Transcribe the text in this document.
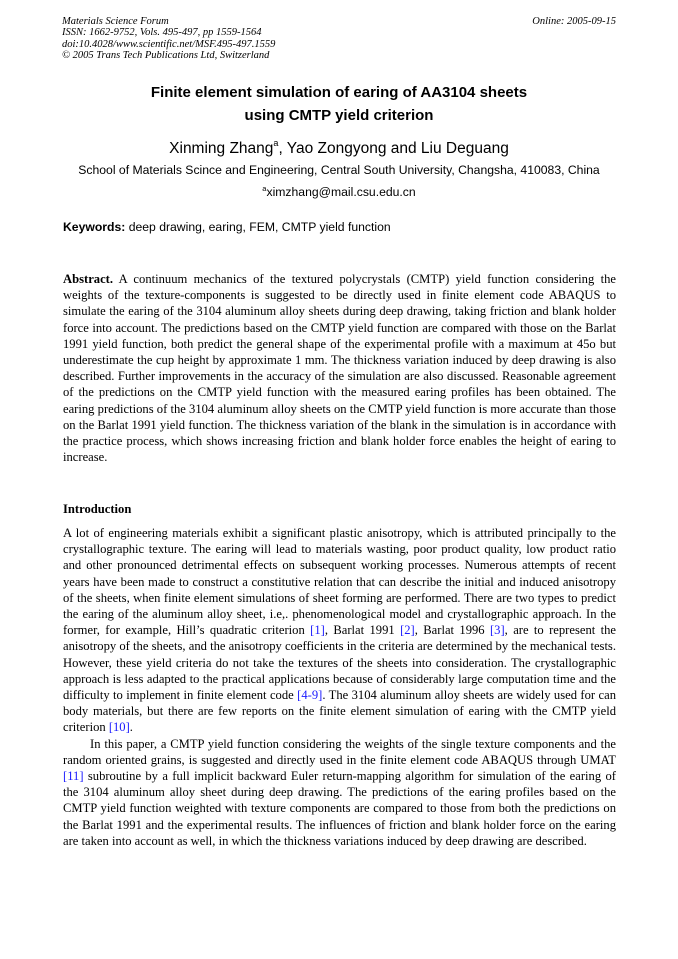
Materials Science Forum
ISSN: 1662-9752, Vols. 495-497, pp 1559-1564
doi:10.4028/www.scientific.net/MSF.495-497.1559
© 2005 Trans Tech Publications Ltd, Switzerland
Online: 2005-09-15
Finite element simulation of earing of AA3104 sheets
using CMTP yield criterion
Xinming Zhang$^a$, Yao Zongyong and Liu Deguang
School of Materials Scince and Engineering, Central South University, Changsha, 410083, China
$^a$ximzhang@mail.csu.edu.cn
Keywords: deep drawing, earing, FEM, CMTP yield function
Abstract. A continuum mechanics of the textured polycrystals (CMTP) yield function considering the weights of the texture-components is suggested to be directly used in finite element code ABAQUS to simulate the earing of the 3104 aluminum alloy sheets during deep drawing, taking friction and blank holder force into account. The predictions based on the CMTP yield function are compared with those on the Barlat 1991 yield function, both predict the general shape of the experimental profile with a maximum at 45o but underestimate the cup height by approximate 1 mm. The thickness variation induced by deep drawing is also described. Further improvements in the accuracy of the simulation are also discussed. Reasonable agreement of the predictions on the CMTP yield function with the measured earing profiles has been obtained. The earing predictions of the 3104 aluminum alloy sheets on the CMTP yield function is more accurate than those on the Barlat 1991 yield function. The thickness variation of the blank in the simulation is in accordance with the practice process, which shows increasing friction and blank holder force enables the height of earing to increase.
Introduction

A lot of engineering materials exhibit a significant plastic anisotropy, which is attributed principally to the crystallographic texture. The earing will lead to materials wasting, poor product quality, low product ratio and other pronounced detrimental effects on subsequent working processes. Numerous attempts of recent years have been made to construct a constitutive relation that can describe the initial and induced anisotropy of the sheets, when finite element simulations of sheet forming are performed. There are two types to predict the earing of the aluminum alloy sheet, i.e,. phenomenological model and crystallographic approach. In the former, for example, Hill’s quadratic criterion [1], Barlat 1991 [2], Barlat 1996 [3], are to represent the anisotropy of the sheets, and the anisotropy coefficients in the criteria are determined by the mechanical tests. However, these yield criteria do not take the textures of the sheets into consideration. The crystallographic approach is less adapted to the practical applications because of considerably large computation time and the difficulty to implement in finite element code [4-9]. The 3104 aluminum alloy sheets are widely used for can body materials, but there are few reports on the finite element simulation of earing with the CMTP yield criterion [10].

In this paper, a CMTP yield function considering the weights of the single texture components and the random oriented grains, is suggested and directly used in the finite element code ABAQUS through UMAT [11] subroutine by a full implicit backward Euler return-mapping algorithm for simulation of the earing of the 3104 aluminum alloy sheet during deep drawing. The predictions of the earing profiles based on the CMTP yield function weighted with texture components are compared to those from both the predictions on the Barlat 1991 and the experimental results. The influences of friction and blank holder force on the earing are taken into account as well, in which the thickness variations induced by deep drawing are described.
